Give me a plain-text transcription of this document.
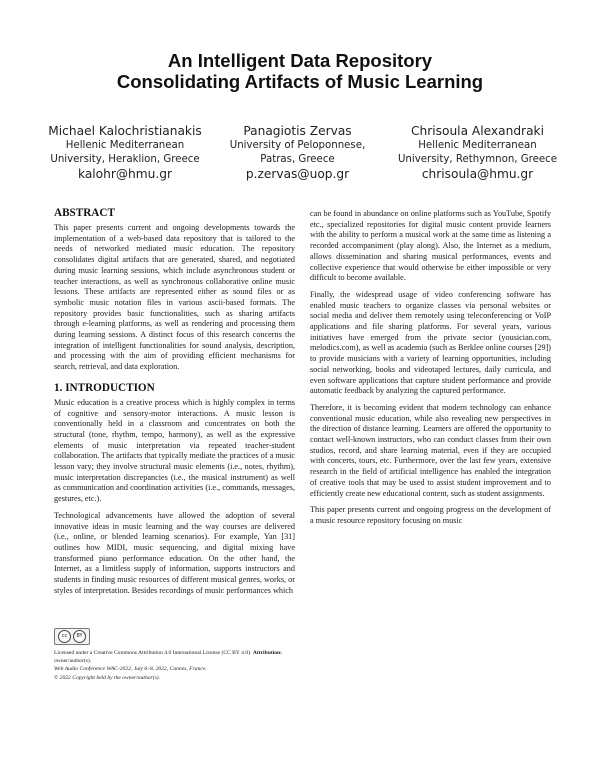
An Intelligent Data Repository
Consolidating Artifacts of Music Learning
Michael Kalochristianakis
Hellenic Mediterranean
University, Heraklion, Greece
kalohr@hmu.gr
Panagiotis Zervas
University of Peloponnese,
Patras, Greece
p.zervas@uop.gr
Chrisoula Alexandraki
Hellenic Mediterranean
University, Rethymnon, Greece
chrisoula@hmu.gr
ABSTRACT

This paper presents current and ongoing developments towards the implementation of a web-based data repository that is tailored to the needs of networked mediated music education. The repository consolidates digital artifacts that are generated, shared, and negotiated during music learning sessions, which include asynchronous student or teacher interactions, as well as synchronous collaborative online music lessons. These artifacts are represented either as sound files or as symbolic music notation files in various ascii-based formats. The repository provides basic functionalities, such as sharing artifacts through e-learning platforms, as well as rendering and processing them during learning sessions. A distinct focus of this research concerns the integration of intelligent functionalities for sound analysis, description, and processing with the aim of providing efficient mechanisms for search, retrieval, and data exploration.

1. INTRODUCTION

Music education is a creative process which is highly complex in terms of cognitive and sensory-motor interactions. A music lesson is conventionally held in a classroom and concentrates on both the structural (tone, rhythm, tempo, harmony), as well as the expressive elements of music interpretation via repeated teacher-student collaboration. The artifacts that typically mediate the practices of a music lesson vary; they involve structural music elements (i.e., notes, rhythm), music interpretation discrepancies (i.e., the musical instrument) as well as communication and coordination activities (i.e., commands, messages, gestures, etc.).

Technological advancements have allowed the adoption of several innovative ideas in music learning and the way courses are delivered (i.e., online, or blended learning scenarios). For example, Yan [31] outlines how MIDI, music sequencing, and digital mixing have transformed piano performance education. On the other hand, the Internet, as a limitless supply of information, supports instructors and students in finding music resources of different musical genres, works, or styles of interpretation. Besides recordings of music performances which

can be found in abundance on online platforms such as YouTube, Spotify etc., specialized repositories for digital music content provide learners with the ability to perform a musical work at the same time as listening a recorded accompaniment (play along). Also, the Internet as a medium, allows dissemination and sharing musical performances, events and collective experience that would otherwise be either impossible or very difficult to become available.

Finally, the widespread usage of video conferencing software has enabled music teachers to organize classes via personal websites or social media and deliver them remotely using teleconferencing or VoIP applications and file sharing platforms. For several years, various initiatives have emerged from the private sector (yousician.com, melodics.com), as well as academia (such as Berklee online courses [29]) to provide musicians with a variety of learning opportunities, including social networking, books and videotaped lectures, daily curricula, and even software applications that capture student performance and provide automatic feedback by analyzing the captured performance.

Therefore, it is becoming evident that modern technology can enhance conventional music education, while also revealing new perspectives in the direction of distance learning. Learners are offered the opportunity to contact well-known instructors, who can conduct classes from their own studios, record, and share learning material, even if they are occupied with concerts, tours, etc. Furthermore, over the last few years, extensive research in the field of artificial intelligence has enabled the integration of creative tools that may be used to assist student improvement and to efficiently create new educational content, such as student assignments.

This paper presents current and ongoing progress on the development of a music resource repository focusing on music

cc	BY
Licensed under a Creative Commons Attribution 4.0 International License (CC BY 4.0). Attribution: owner/author(s).
Web Audio Conference WAC-2022, July 6–8, 2022, Cannes, France.
© 2022 Copyright held by the owner/author(s).
